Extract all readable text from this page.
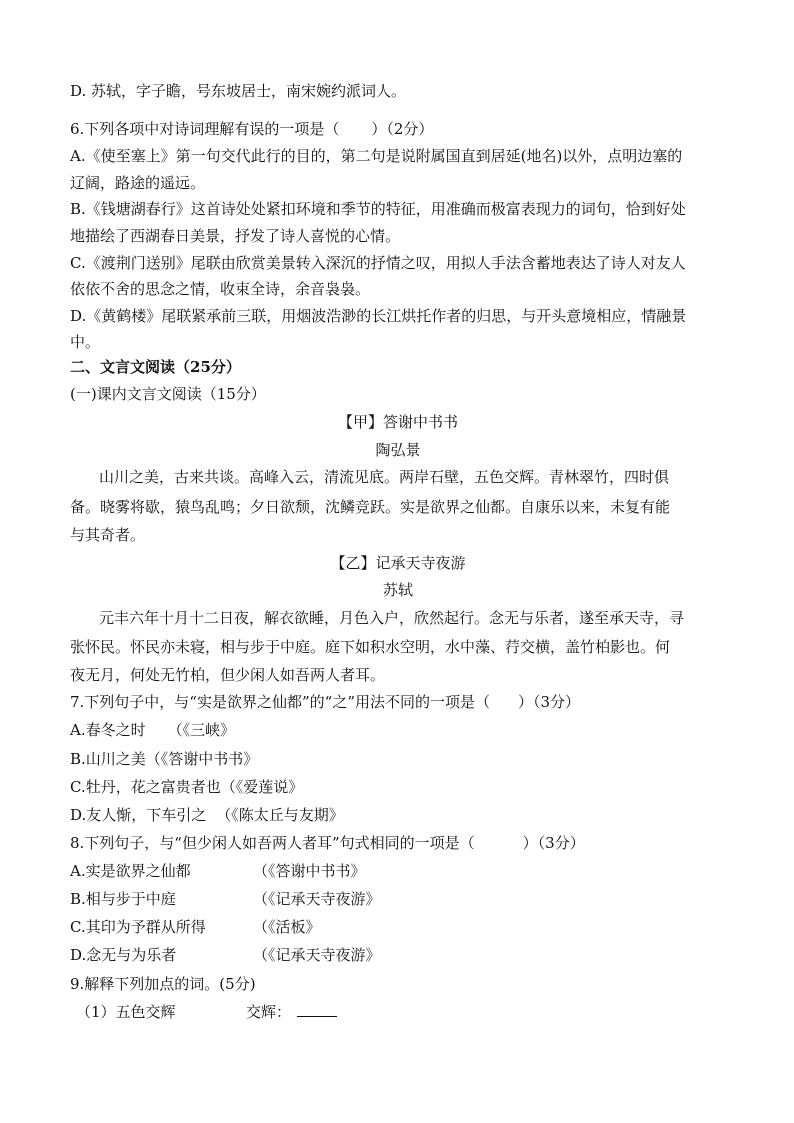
D. 苏轼，字子瞻，号东坡居士，南宋婉约派词人。
6.下列各项中对诗词理解有误的一项是（ ）（2分）
A.《使至塞上》第一句交代此行的目的，第二句是说附属国直到居延(地名)以外，点明边塞的
辽阔，路途的遥远。
B.《钱塘湖春行》这首诗处处紧扣环境和季节的特征，用准确而极富表现力的词句，恰到好处
地描绘了西湖春日美景，抒发了诗人喜悦的心情。
C.《渡荆门送别》尾联由欣赏美景转入深沉的抒情之叹，用拟人手法含蓄地表达了诗人对友人
依依不舍的思念之情，收束全诗，余音袅袅。
D.《黄鹤楼》尾联紧承前三联，用烟波浩渺的长江烘托作者的归思，与开头意境相应，情融景
中。
二、文言文阅读（25分）
(一)课内文言文阅读（15分）
【甲】答谢中书书
陶弘景
山川之美，古来共谈。高峰入云，清流见底。两岸石壁，五色交辉。青林翠竹，四时俱
备。晓雾将歇，猿鸟乱鸣；夕日欲颓，沈鳞竞跃。实是欲界之仙都。自康乐以来，未复有能
与其奇者。
【乙】记承天寺夜游
苏轼
元丰六年十月十二日夜，解衣欲睡，月色入户，欣然起行。念无与乐者，遂至承天寺，寻
张怀民。怀民亦未寝，相与步于中庭。庭下如积水空明，水中藻、荇交横，盖竹柏影也。何
夜无月，何处无竹柏，但少闲人如吾两人者耳。
7.下列句子中，与“实是欲界之仙都”的“之”用法不同的一项是（ ）（3分）
A.春冬之时 （《三峡》
B.山川之美（《答谢中书书》
C.牡丹，花之富贵者也（《爱莲说》
D.友人惭，下车引之 （《陈太丘与友期》
8.下列句子，与“但少闲人如吾两人者耳”句式相同的一项是（	）（3分）
A.实是欲界之仙都	（《答谢中书书》
B.相与步于中庭	（《记承天寺夜游》
C.其印为予群从所得	（《活板》
D.念无与为乐者	（《记承天寺夜游》
9.解释下列加点的词。(5分)
（1）五色交辉	交辉：
